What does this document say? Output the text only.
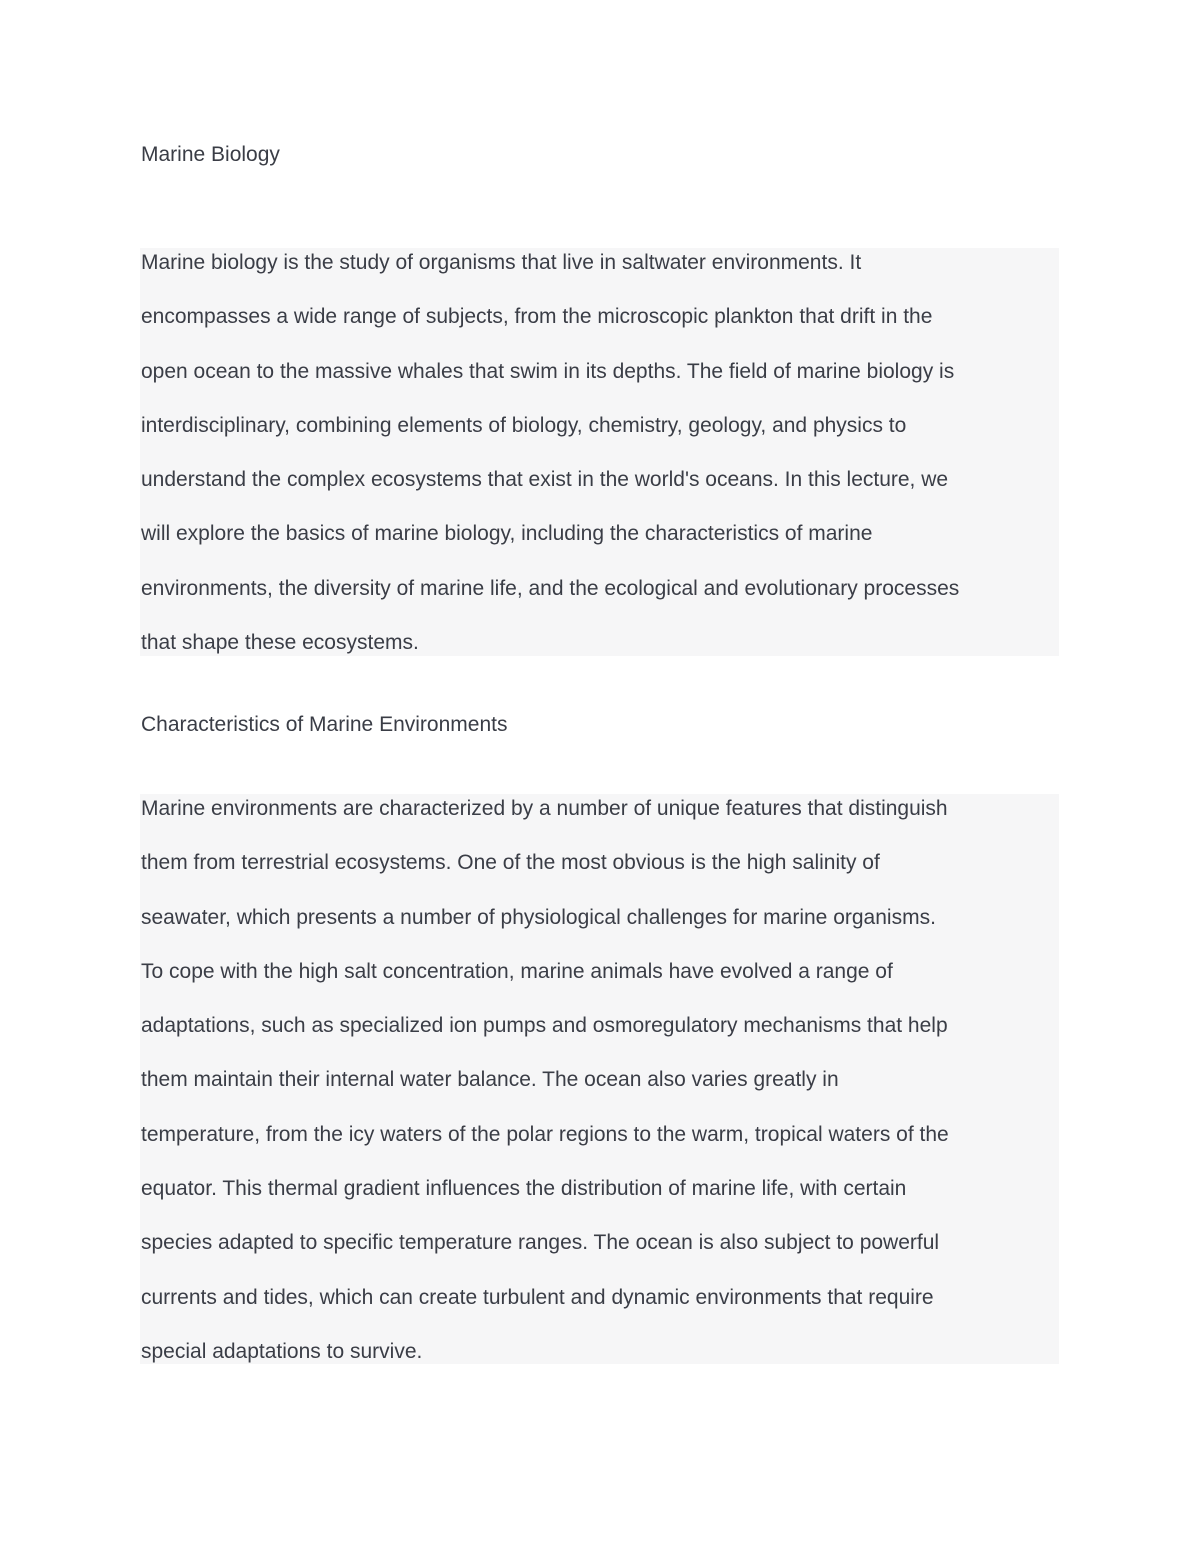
Marine Biology
Marine biology is the study of organisms that live in saltwater environments. It
encompasses a wide range of subjects, from the microscopic plankton that drift in the
open ocean to the massive whales that swim in its depths. The field of marine biology is
interdisciplinary, combining elements of biology, chemistry, geology, and physics to
understand the complex ecosystems that exist in the world's oceans. In this lecture, we
will explore the basics of marine biology, including the characteristics of marine
environments, the diversity of marine life, and the ecological and evolutionary processes
that shape these ecosystems.
Characteristics of Marine Environments
Marine environments are characterized by a number of unique features that distinguish
them from terrestrial ecosystems. One of the most obvious is the high salinity of
seawater, which presents a number of physiological challenges for marine organisms.
To cope with the high salt concentration, marine animals have evolved a range of
adaptations, such as specialized ion pumps and osmoregulatory mechanisms that help
them maintain their internal water balance. The ocean also varies greatly in
temperature, from the icy waters of the polar regions to the warm, tropical waters of the
equator. This thermal gradient influences the distribution of marine life, with certain
species adapted to specific temperature ranges. The ocean is also subject to powerful
currents and tides, which can create turbulent and dynamic environments that require
special adaptations to survive.
